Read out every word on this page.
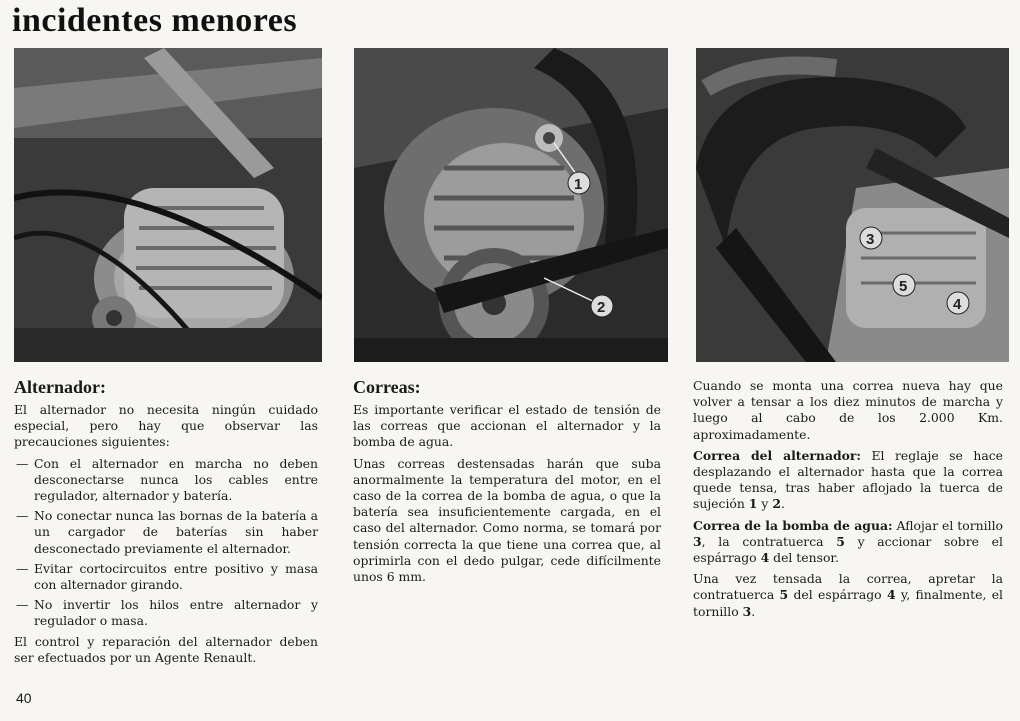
incidentes menores
1
2
3
4
5
Alternador:

El alternador no necesita ningún cuidado especial, pero hay que observar las precauciones siguientes:

— Con el alternador en marcha no deben desconectarse nunca los cables entre regulador, alternador y batería.
— No conectar nunca las bornas de la batería a un cargador de baterías sin haber desconectado previamente el alternador.
— Evitar cortocircuitos entre positivo y masa con alternador girando.
— No invertir los hilos entre alternador y regulador o masa.

El control y reparación del alternador deben ser efectuados por un Agente Renault.

Correas:

Es importante verificar el estado de tensión de las correas que accionan el alternador y la bomba de agua.

Unas correas destensadas harán que suba anormalmente la temperatura del motor, en el caso de la correa de la bomba de agua, o que la batería sea insuficientemente cargada, en el caso del alternador. Como norma, se tomará por tensión correcta la que tiene una correa que, al oprimirla con el dedo pulgar, cede difícilmente unos 6 mm.

Cuando se monta una correa nueva hay que volver a tensar a los diez minutos de marcha y luego al cabo de los 2.000 Km. aproximadamente.

Correa del alternador: El reglaje se hace desplazando el alternador hasta que la correa quede tensa, tras haber aflojado la tuerca de sujeción 1 y 2.

Correa de la bomba de agua: Aflojar el tornillo 3, la contratuerca 5 y accionar sobre el espárrago 4 del tensor.

Una vez tensada la correa, apretar la contratuerca 5 del espárrago 4 y, finalmente, el tornillo 3.

40
